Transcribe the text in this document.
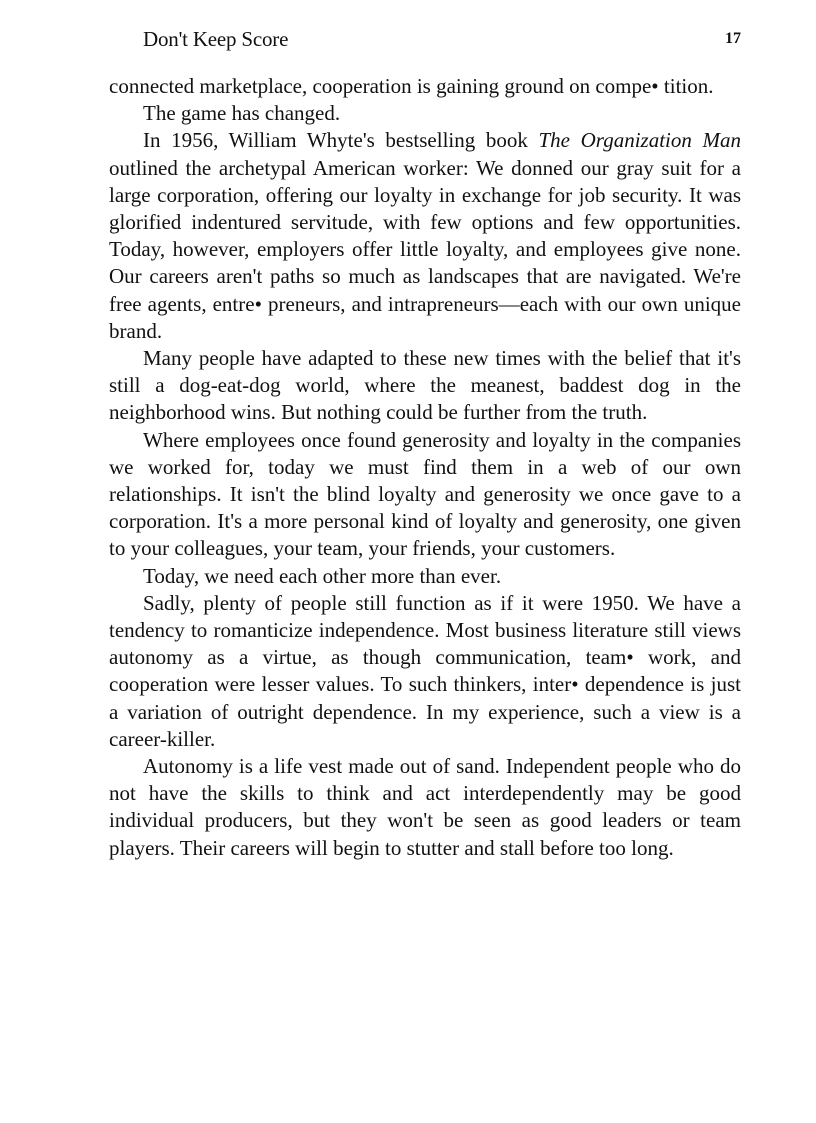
Don't Keep Score	17

connected marketplace, cooperation is gaining ground on compe• tition.

The game has changed.

In 1956, William Whyte's bestselling book The Organization Man outlined the archetypal American worker: We donned our gray suit for a large corporation, offering our loyalty in exchange for job security. It was glorified indentured servitude, with few options and few opportunities. Today, however, employers offer little loyalty, and employees give none. Our careers aren't paths so much as landscapes that are navigated. We're free agents, entre• preneurs, and intrapreneurs—each with our own unique brand.

Many people have adapted to these new times with the belief that it's still a dog-eat-dog world, where the meanest, baddest dog in the neighborhood wins. But nothing could be further from the truth.

Where employees once found generosity and loyalty in the companies we worked for, today we must find them in a web of our own relationships. It isn't the blind loyalty and generosity we once gave to a corporation. It's a more personal kind of loyalty and generosity, one given to your colleagues, your team, your friends, your customers.

Today, we need each other more than ever.

Sadly, plenty of people still function as if it were 1950. We have a tendency to romanticize independence. Most business literature still views autonomy as a virtue, as though communication, team• work, and cooperation were lesser values. To such thinkers, inter• dependence is just a variation of outright dependence. In my experience, such a view is a career-killer.

Autonomy is a life vest made out of sand. Independent people who do not have the skills to think and act interdependently may be good individual producers, but they won't be seen as good leaders or team players. Their careers will begin to stutter and stall before too long.
